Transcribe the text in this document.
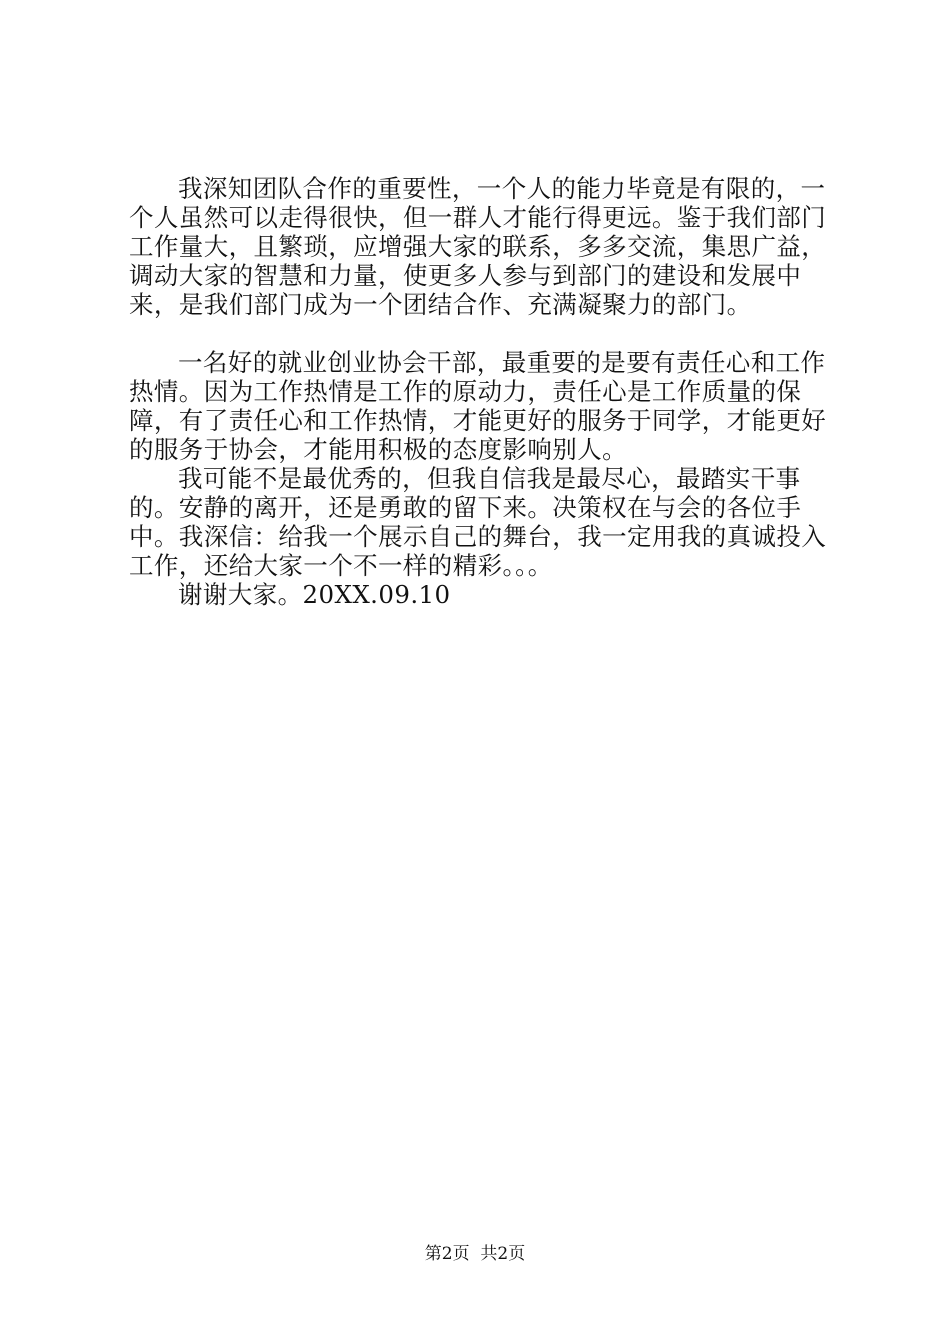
我深知团队合作的重要性，一个人的能力毕竟是有限的，一个人虽然可以走得很快，但一群人才能行得更远。鉴于我们部门工作量大，且繁琐，应增强大家的联系，多多交流，集思广益，调动大家的智慧和力量，使更多人参与到部门的建设和发展中来，是我们部门成为一个团结合作、充满凝聚力的部门。

一名好的就业创业协会干部，最重要的是要有责任心和工作热情。因为工作热情是工作的原动力，责任心是工作质量的保障，有了责任心和工作热情，才能更好的服务于同学，才能更好的服务于协会，才能用积极的态度影响别人。

我可能不是最优秀的，但我自信我是最尽心，最踏实干事的。安静的离开，还是勇敢的留下来。决策权在与会的各位手中。我深信：给我一个展示自己的舞台，我一定用我的真诚投入工作，还给大家一个不一样的精彩。。。

谢谢大家。20XX.09.10

第2页  共2页
